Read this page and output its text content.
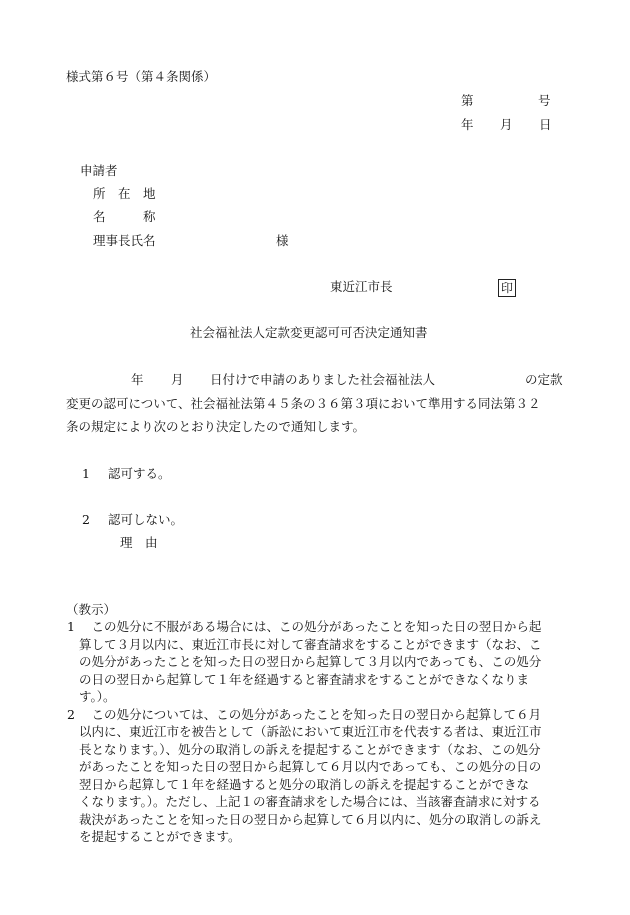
様式第６号（第４条関係）
第	号
年 月 日
申請者
所　在　地
名　　　称
理事長氏名	様
東近江市長	印
社会福祉法人定款変更認可可否決定通知書
年 月 日付けで申請のありました社会福祉法人	の定款
変更の認可について、社会福祉法第４５条の３６第３項において準用する同法第３２
条の規定により次のとおり決定したので通知します。
1 認可する。
2 認可しない。
理　由
（教示）
1 　この処分に不服がある場合には、この処分があったことを知った日の翌日から起
算して３月以内に、東近江市長に対して審査請求をすることができます（なお、こ
の処分があったことを知った日の翌日から起算して３月以内であっても、この処分
の日の翌日から起算して１年を経過すると審査請求をすることができなくなりま
す。）。
2 　この処分については、この処分があったことを知った日の翌日から起算して６月
以内に、東近江市を被告として（訴訟において東近江市を代表する者は、東近江市
長となります。）、処分の取消しの訴えを提起することができます（なお、この処分
があったことを知った日の翌日から起算して６月以内であっても、この処分の日の
翌日から起算して１年を経過すると処分の取消しの訴えを提起することができな
くなります。）。ただし、上記１の審査請求をした場合には、当該審査請求に対する
裁決があったことを知った日の翌日から起算して６月以内に、処分の取消しの訴え
を提起することができます。
